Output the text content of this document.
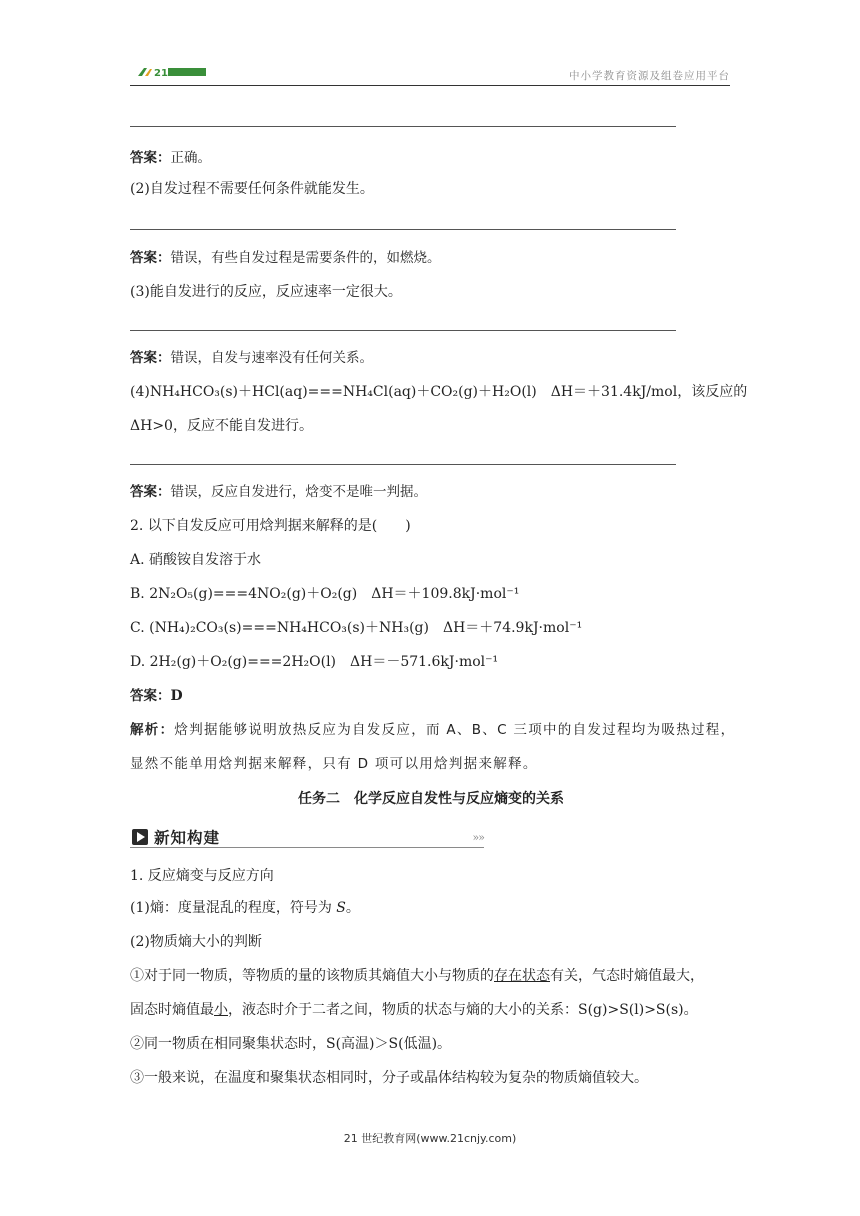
21	中小学教育资源及组卷应用平台
答案：正确。
(2)自发过程不需要任何条件就能发生。
答案：错误，有些自发过程是需要条件的，如燃烧。
(3)能自发进行的反应，反应速率一定很大。
答案：错误，自发与速率没有任何关系。
(4)NH₄HCO₃(s)＋HCl(aq)===NH₄Cl(aq)＋CO₂(g)＋H₂O(l)　ΔH＝＋31.4kJ/mol，该反应的
ΔH>0，反应不能自发进行。
答案：错误，反应自发进行，焓变不是唯一判据。
2. 以下自发反应可用焓判据来解释的是(　　)
A. 硝酸铵自发溶于水
B. 2N₂O₅(g)===4NO₂(g)＋O₂(g)　ΔH＝＋109.8kJ·mol⁻¹
C. (NH₄)₂CO₃(s)===NH₄HCO₃(s)＋NH₃(g)　ΔH＝＋74.9kJ·mol⁻¹
D. 2H₂(g)＋O₂(g)===2H₂O(l)　ΔH＝－571.6kJ·mol⁻¹
答案：D
解析：焓判据能够说明放热反应为自发反应，而 A、B、C 三项中的自发过程均为吸热过程，
显然不能单用焓判据来解释，只有 D 项可以用焓判据来解释。
任务二　化学反应自发性与反应熵变的关系
新知构建	»»
1. 反应熵变与反应方向
(1)熵：度量混乱的程度，符号为 S。
(2)物质熵大小的判断
①对于同一物质，等物质的量的该物质其熵值大小与物质的存在状态有关，气态时熵值最大，
固态时熵值最小，液态时介于二者之间，物质的状态与熵的大小的关系：S(g)>S(l)>S(s)。
②同一物质在相同聚集状态时，S(高温)＞S(低温)。
③一般来说，在温度和聚集状态相同时，分子或晶体结构较为复杂的物质熵值较大。
21 世纪教育网(www.21cnjy.com)
